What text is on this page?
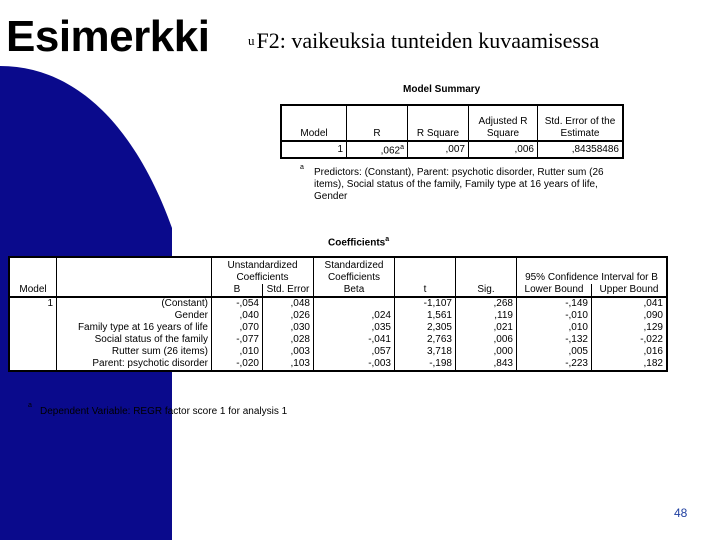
Esimerkki	uF2: vaikeuksia tunteiden kuvaamisessa
Model Summary
Model	R	R Square	Adjusted R Square	Std. Error of the Estimate
1	,062$^a$	,007	,006	,84358486
a Predictors: (Constant), Parent: psychotic disorder, Rutter sum (26 items), Social status of the family, Family type at 16 years of life, Gender
Coefficients$^a$
		Unstandardized Coefficients		Standardized Coefficients			95% Confidence Interval for B	
Model		B	Std. Error	Beta	t	Sig.	Lower Bound	Upper Bound
1	(Constant)	-,054	,048		-1,107	,268	-,149	,041
	Gender	,040	,026	,024	1,561	,119	-,010	,090
	Family type at 16 years of life	,070	,030	,035	2,305	,021	,010	,129
	Social status of the family	-,077	,028	-,041	2,763	,006	-,132	-,022
	Rutter sum (26 items)	,010	,003	,057	3,718	,000	,005	,016
	Parent: psychotic disorder	-,020	,103	-,003	-,198	,843	-,223	,182
a
Dependent Variable: REGR factor score 1 for analysis 1
48
